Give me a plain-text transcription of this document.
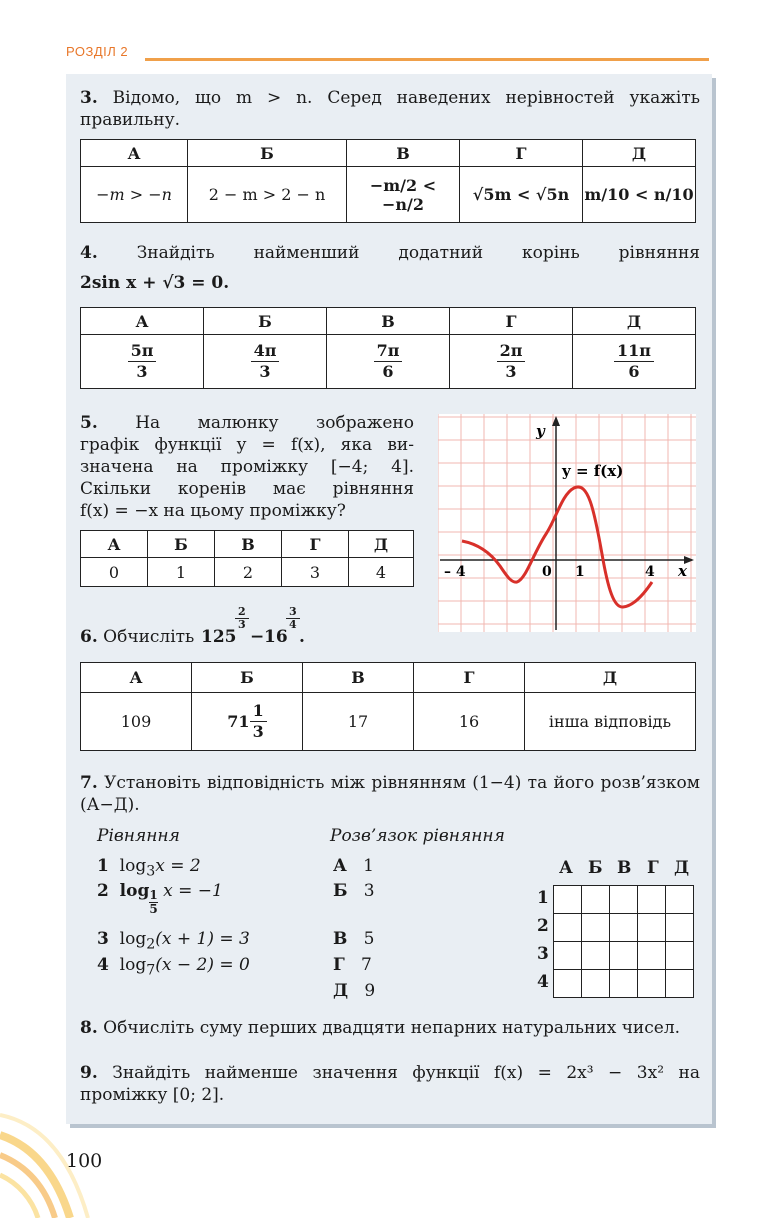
РОЗДІЛ 2
3. Відомо, що m > n. Серед наведених нерівностей укажіть правильну.
А	Б	В	Г	Д
−m > −n	2 − m > 2 − n	−m/2 < −n/2	√5m < √5n	m/10 < n/10
4. Знайдіть найменший додатний корінь рівняння
2sin x + √3 = 0.
А	Б	В	Г	Д

$\frac{5\pi}{3}$	$\frac{4\pi}{3}$	$\frac{7\pi}{6}$	$\frac{2\pi}{3}$	$\frac{11\pi}{6}$
5. На малюнку зображено
графік функції y = f(x), яка ви-
значена на проміжку [−4; 4].
Скільки коренів має рівняння
f(x) = −x на цьому проміжку?
А	Б	В	Г	Д
0	1	2	3	4
y
x
y = f(x)
– 4	0 1	4
6. Обчисліть 125
$\frac{2}{3}$
− 16
$\frac{3}{4}$
.
А	Б	В	Г	Д
109	$71 \frac{1}{3}$	17	16	інша відповідь
7. Установіть відповідність між рівнянням (1−4) та його розв’язком (А−Д).
Рівняння
1 $\log_3x = 2$
2 $\log \frac{1}{5}$ x = −1
3 $\log_2(x + 1) = 3$
4 $\log_7(x - 2) = 0$
Розв’язок рівняння
А 1
Б 3
В 5
Г 7
Д 9
А Б В Г Д
1
2
3
4

8. Обчисліть суму перших двадцяти непарних натуральних чисел.
9. Знайдіть найменше значення функції f(x) = 2x³ − 3x² на проміжку [0; 2].
100
